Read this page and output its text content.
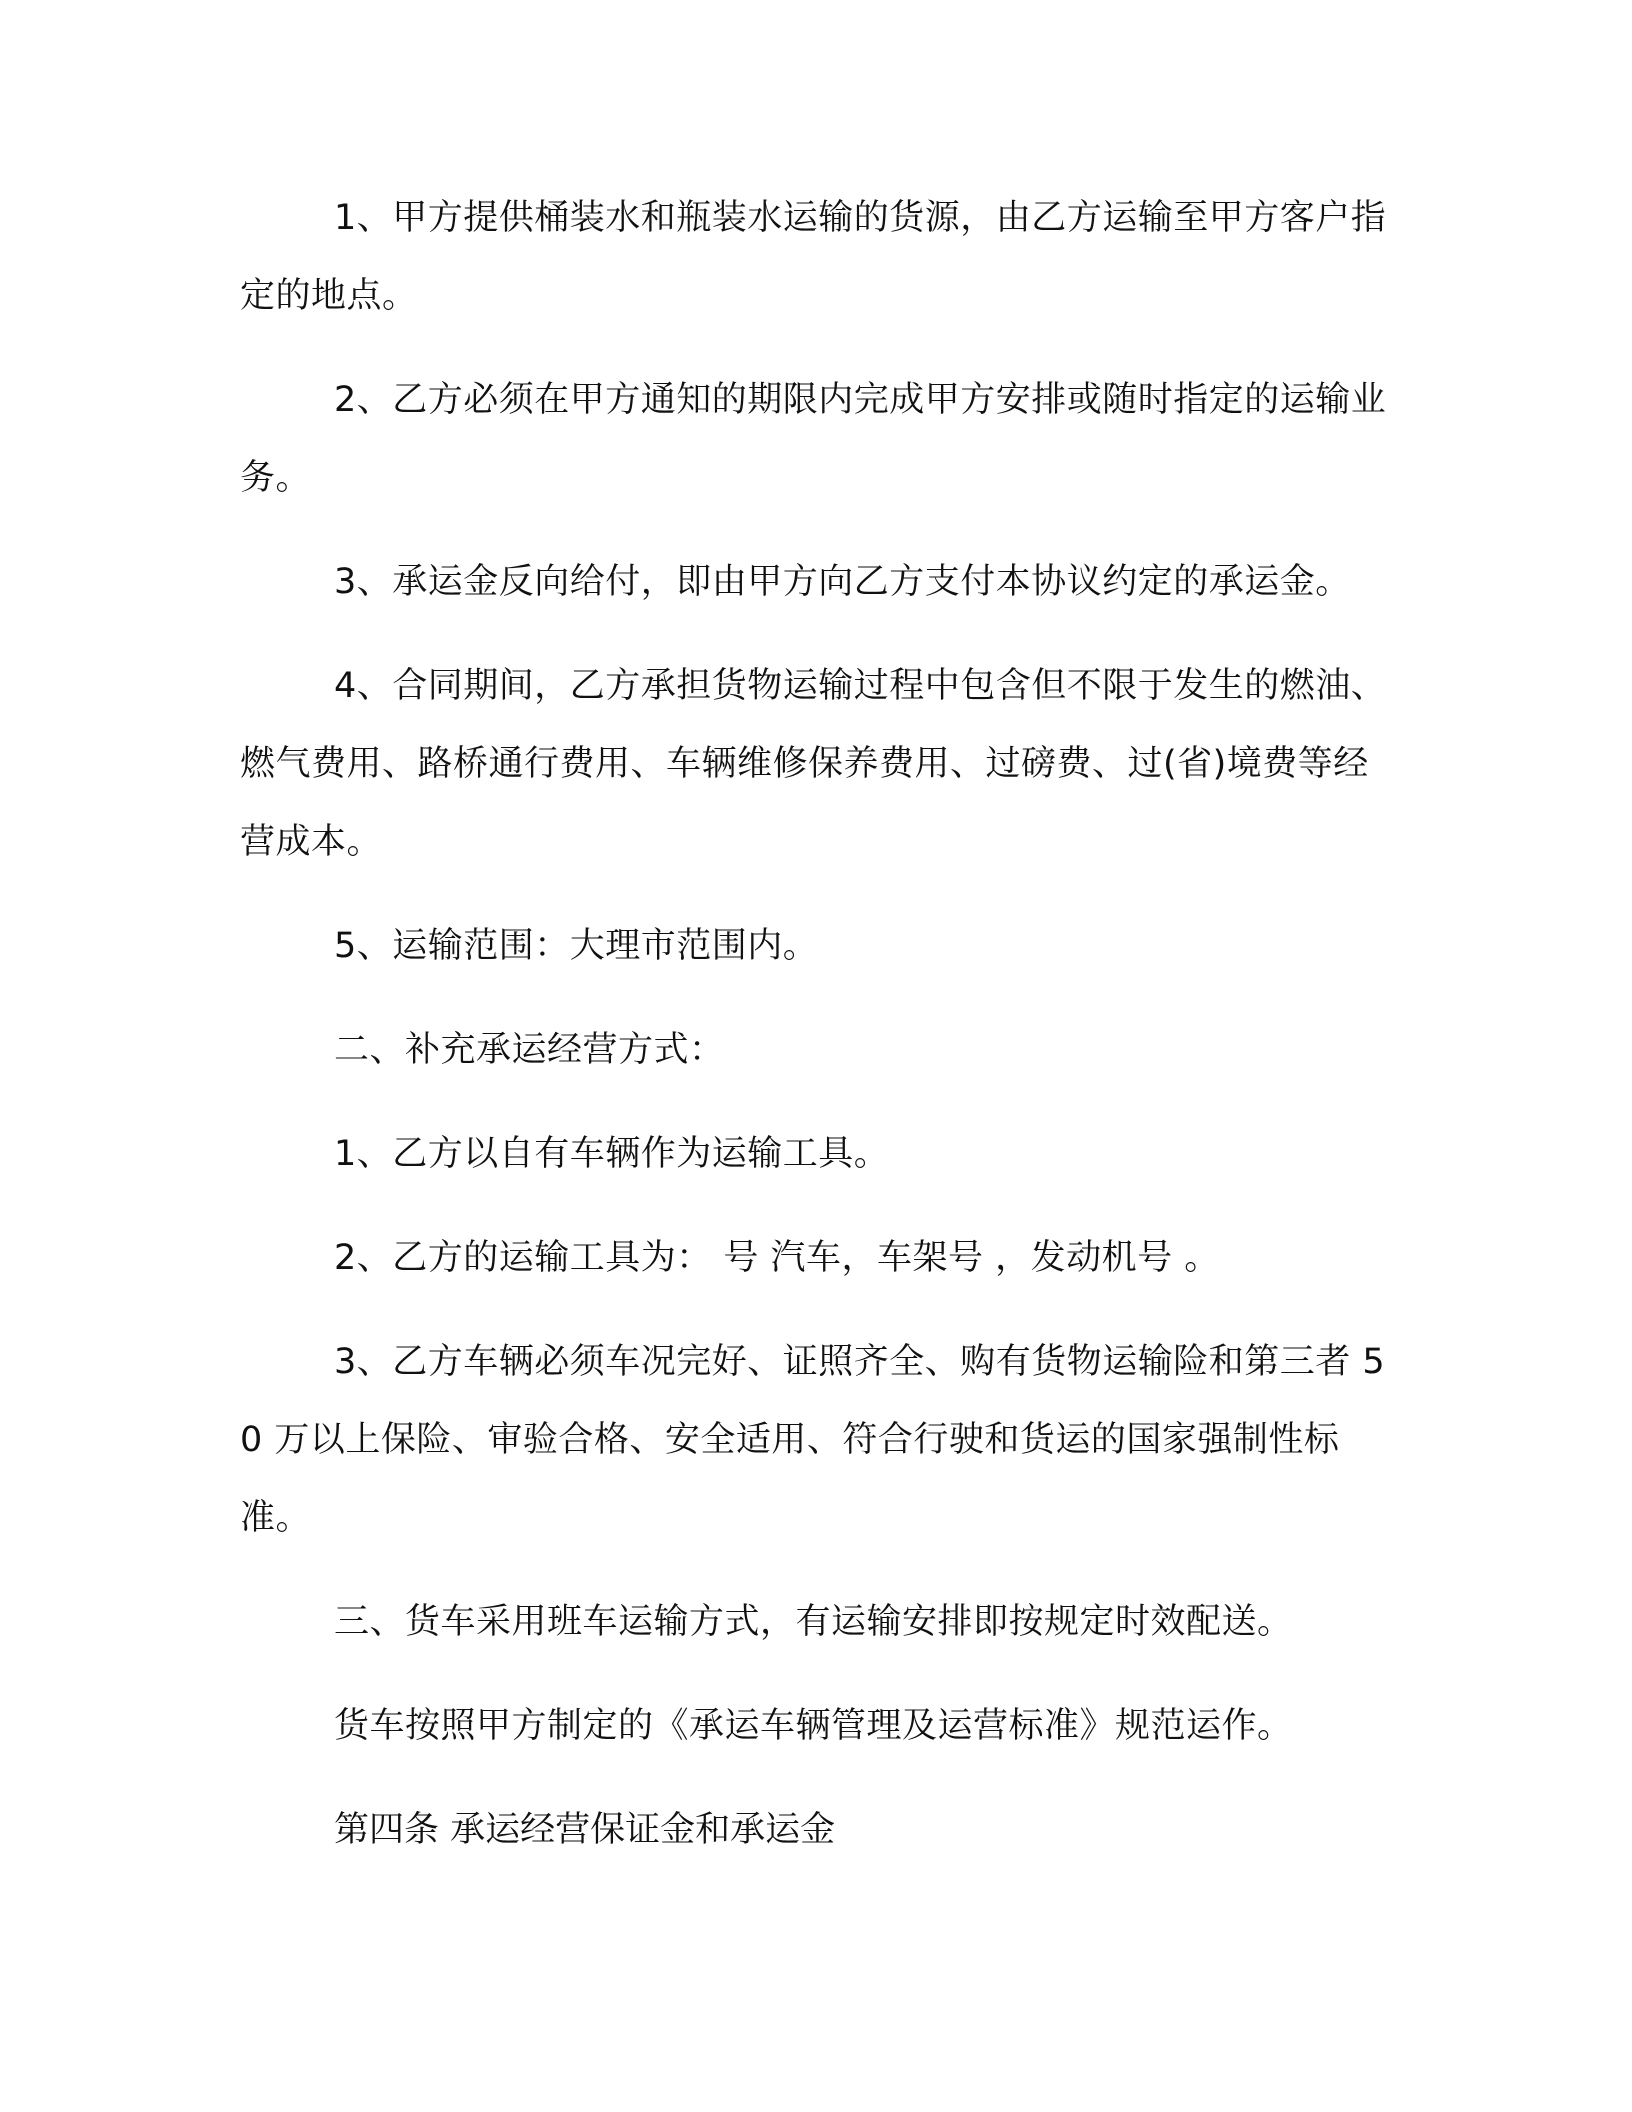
1、甲方提供桶装水和瓶装水运输的货源，由乙方运输至甲方客户指定的地点。

2、乙方必须在甲方通知的期限内完成甲方安排或随时指定的运输业务。

3、承运金反向给付，即由甲方向乙方支付本协议约定的承运金。

4、合同期间，乙方承担货物运输过程中包含但不限于发生的燃油、燃气费用、路桥通行费用、车辆维修保养费用、过磅费、过(省)境费等经营成本。

5、运输范围：大理市范围内。

二、补充承运经营方式：

1、乙方以自有车辆作为运输工具。

2、乙方的运输工具为： 号 汽车，车架号 ，发动机号 。

3、乙方车辆必须车况完好、证照齐全、购有货物运输险和第三者 50 万以上保险、审验合格、安全适用、符合行驶和货运的国家强制性标准。

三、货车采用班车运输方式，有运输安排即按规定时效配送。

货车按照甲方制定的《承运车辆管理及运营标准》规范运作。

第四条 承运经营保证金和承运金
